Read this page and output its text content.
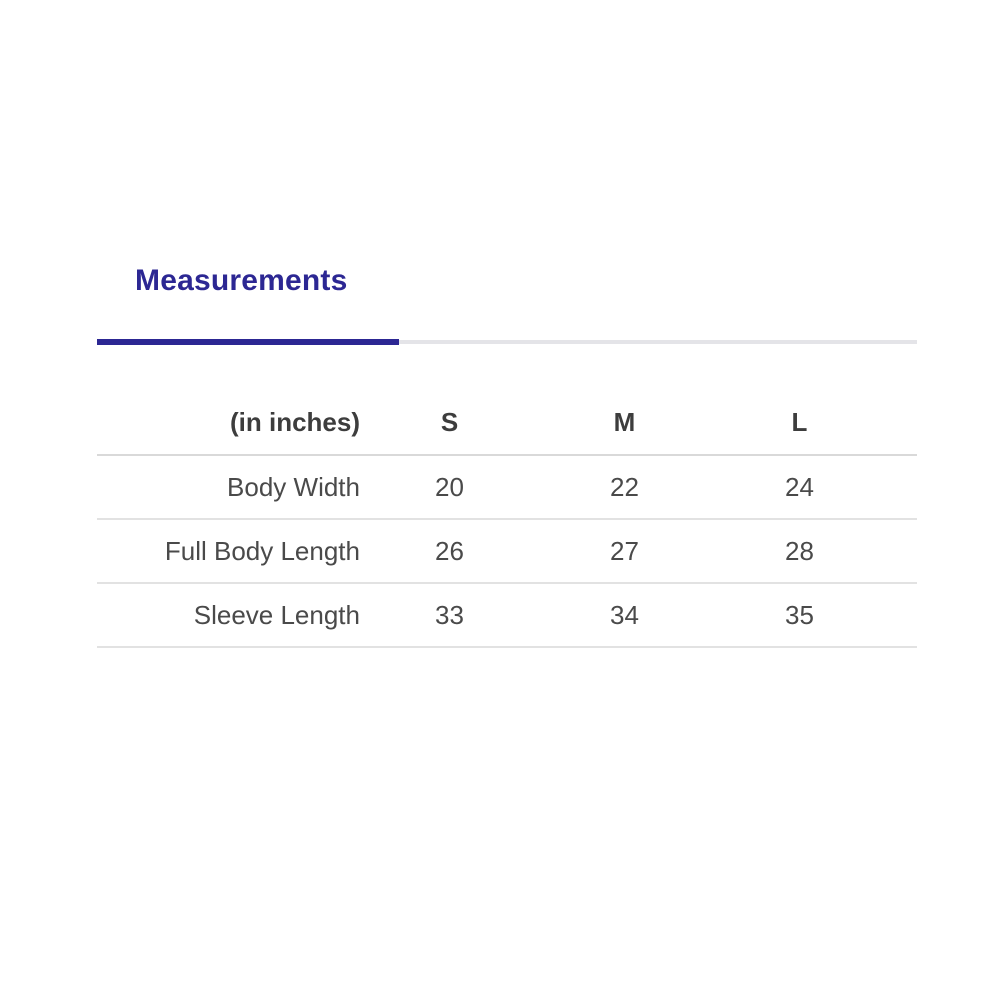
Measurements
(in inches)	S	M	L	
Body Width	20	22	24	
Full Body Length	26	27	28	
Sleeve Length	33	34	35	
